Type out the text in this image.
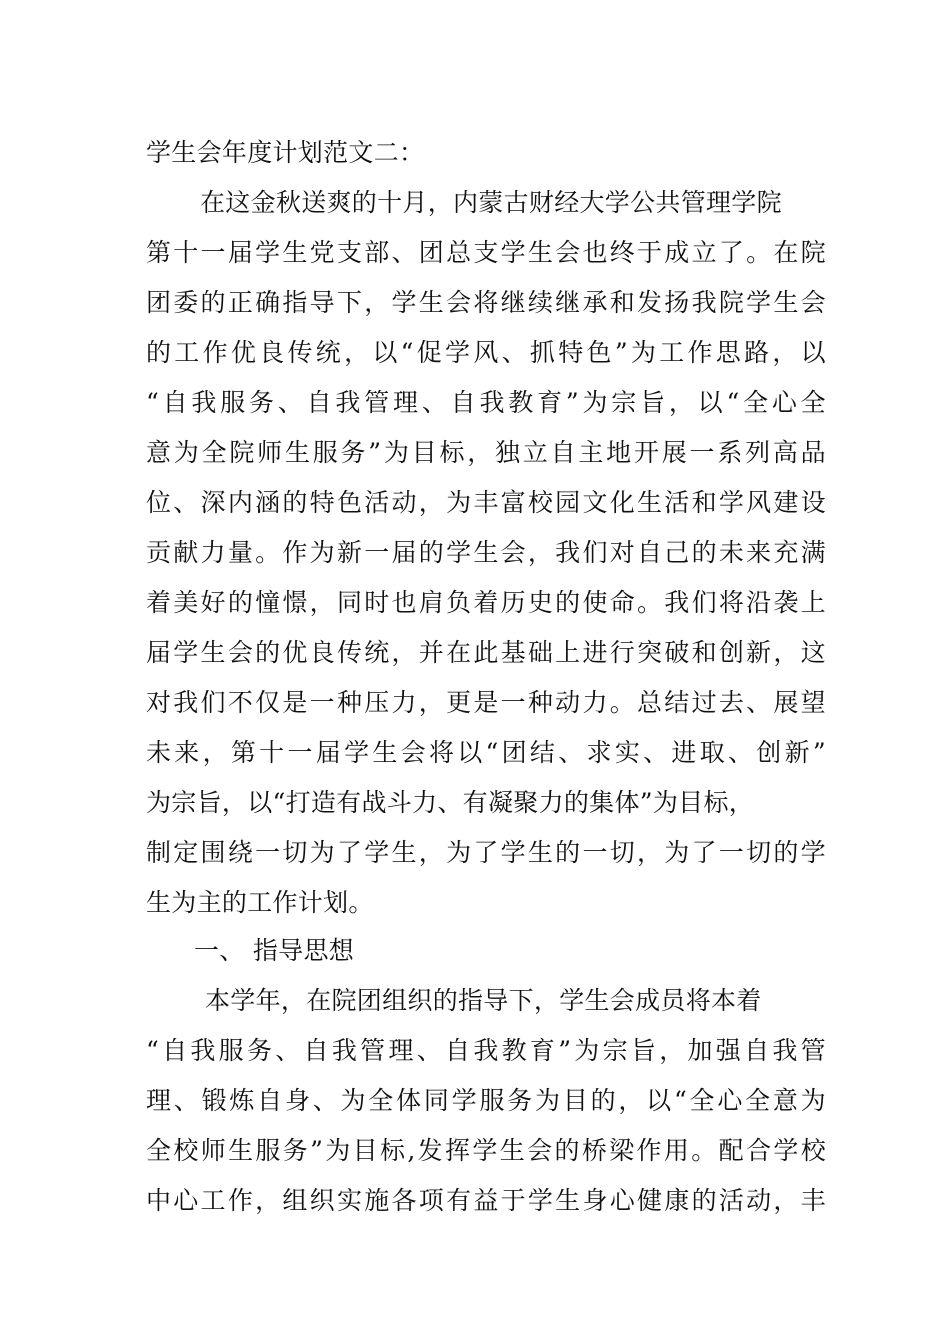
学生会年度计划范文二：
在这金秋送爽的十月，内蒙古财经大学公共管理学院
第十一届学生党支部、团总支学生会也终于成立了。在院
团委的正确指导下，学生会将继续继承和发扬我院学生会
的工作优良传统，以“促学风、抓特色”为工作思路，以
“自我服务、自我管理、自我教育”为宗旨，以“全心全
意为全院师生服务”为目标，独立自主地开展一系列高品
位、深内涵的特色活动，为丰富校园文化生活和学风建设
贡献力量。作为新一届的学生会，我们对自己的未来充满
着美好的憧憬，同时也肩负着历史的使命。我们将沿袭上
届学生会的优良传统，并在此基础上进行突破和创新，这
对我们不仅是一种压力，更是一种动力。总结过去、展望
未来，第十一届学生会将以“团结、求实、进取、创新”
为宗旨，以“打造有战斗力、有凝聚力的集体”为目标，
制定围绕一切为了学生，为了学生的一切，为了一切的学
生为主的工作计划。
一、 指导思想
本学年，在院团组织的指导下，学生会成员将本着
“自我服务、自我管理、自我教育”为宗旨，加强自我管
理、锻炼自身、为全体同学服务为目的，以“全心全意为
全校师生服务”为目标,发挥学生会的桥梁作用。配合学校
中心工作，组织实施各项有益于学生身心健康的活动，丰
